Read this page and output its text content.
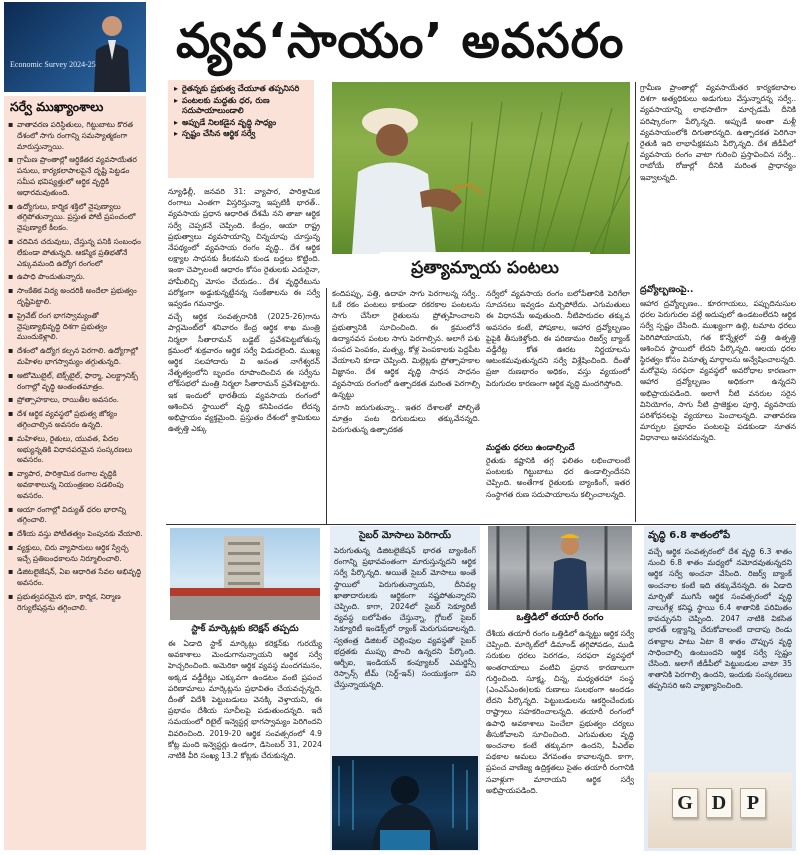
Economic Survey 2024-25 వ్యవ‘సాయం’ అవసరం
సర్వే ముఖ్యాంశాలు
▪ వాతావరణ పరిస్థితులు, గిట్టుబాటు కొరత దేశంలో సాగు రంగాన్ని సమస్యాత్మకంగా మారుస్తున్నాయి.
▪ గ్రామీణ ప్రాంతాల్లో ఆర్థికేతర వ్యవసాయేతర పనులు, కార్యకలాపాలపైనే దృష్టి పెట్టడం సమీప భవిష్యత్తులో ఆర్థిక వృద్ధికి ఆధారమవుతుంది.
▪ ఉద్యోగులు, కార్మిక శక్తిలో నైపుణ్యాలు తగ్గిపోతున్నాయి. ప్రస్తుత పోటీ ప్రపంచంలో నైపుణ్యాలే కీలకం.
▪ చదివిన చదువులు, చేస్తున్న పనికి సంబంధం లేకుండా పోతున్నది. ఆకస్మిక ప్రతిభతోనే ఎక్కువమంది ఉద్యోగ రంగంలో
▪ ఉపాధి పొందుతున్నారు.
▪ సాంకేతిక విద్య అందరికీ అందేలా ప్రభుత్వం దృష్టిపెట్టాలి.
▪ ప్రైవేట్ రంగ భాగస్వామ్యంతో నైపుణ్యాభివృద్ధి దిశగా ప్రభుత్వం ముందుకెళ్లాలి.
▪ దేశంలో ఉద్యోగ కల్పన పెరగాలి. ఉద్యోగాల్లో మహిళల భాగస్వామ్యం తగ్గుతున్నది.
▪ ఆటోమొబైల్, టెక్స్‌టైల్, ఫార్మా, ఎలక్ట్రానిక్స్ రంగాల్లో వృద్ధి అంతంతమాత్రం.
▪ ప్రోత్సాహకాలు, రాయితీల అవసరం.
▪ దేశ ఆర్థిక వ్యవస్థలో ప్రభుత్వ జోక్యం తగ్గించాల్సిన అవసరం ఉన్నది.
▪ మహిళలు, రైతులు, యువత, పేదల అభ్యున్నతికి విధానపరమైన సంస్కరణలు అవసరం.
▪ వ్యాపార, పారిశ్రామిక రంగాల వృద్ధికి అవకాశాలున్న నియంత్రణల సడలింపు అవసరం.
▪ ఆయా రంగాల్లో విద్యుత్ ధరల భారాన్ని తగ్గించాలి.
▪ దేశీయ వస్తు పోటీతత్వం పెంపునకు వేయాలి.
▪ వ్యక్తులు, చిరు వ్యాపారులు ఆర్థిక స్వేచ్ఛ ఇచ్చే ప్రతిబంధకాలను నిర్మూలించాలి.
▪ డిజిటలైజేషన్, ఏఐ ఆధారిత సేవల అభివృద్ధి అవసరం.
▪ ప్రభుత్వపరమైన భూ, కార్మిక, నిర్మాణ రెగ్యులేషన్లను తగ్గించాలి.
▸ రైతన్నకు ప్రభుత్వ చేయూత తప్పనిసరి
▸ పంటలకు మద్దతు ధర, రుణ సదుపాయాలుండాలి
▸ అప్పుడే నిలకడైన వృద్ధి సాధ్యం
▸ స్పష్టం చేసిన ఆర్థిక సర్వే
ప్రత్యామ్నాయ పంటలు

న్యూఢిల్లీ, జనవరి 31: వ్యాపార, పారిశ్రామిక రంగాలు ఎంతగా విస్తరిస్తున్నా ఇప్పటికీ భారత్.. వ్యవసాయ ప్రధాన ఆధారిత దేశమే నని తాజా ఆర్థిక సర్వే చెప్పకనే చెప్పింది. కేంద్రం, ఆయా రాష్ట్ర ప్రభుత్వాలు వ్యవసాయాన్ని చిన్నచూపు చూస్తున్న నేపథ్యంలో వ్యవసాయ రంగం వృద్ధి.. దేశ ఆర్థిక లక్ష్యాల సాధనకు కీలకమని కుండ బద్దలు కొట్టింది. ఇంకా చెప్పాలంటే ఆధారం కోసం రైతులకు ఎదురైనా, హామీలిచ్చి మోసం చేయడం.. దేశ వృద్ధిరేటును పరోక్షంగా అడ్డుకున్నట్టేనన్న సంకేతాలను ఈ సర్వే ఇవ్వడం గమనార్హం.

వచ్చే ఆర్థిక సంవత్సరానికి (2025-26)గాను పార్లమెంట్‌లో శనివారం కేంద్ర ఆర్థిక శాఖ మంత్రి నిర్మలా సీతారామన్ బడ్జెట్ ప్రవేశపెట్టబోతున్న క్రమంలో శుక్రవారం ఆర్థిక సర్వే విడుదలైంది. ముఖ్య ఆర్థిక సలహాదారు వి అనంత నాగేశ్వరన్ నేతృత్వంలోని బృందం రూపొందించిన ఈ సర్వేను లోక్‌సభలో మంత్రి నిర్మలా సీతారామన్ ప్రవేశపెట్టారు. ఇక ఇందులో భారతీయ వ్యవసాయ రంగంలో ఆశించిన స్థాయిలో వృద్ధి కనిపించడం లేదన్న అభిప్రాయం వ్యక్తమైంది. ప్రస్తుతం దేశంలో శ్రామికులు ఉత్పత్తి ఎక్కు

కందిపప్పు, పత్తి, ఉదాహ సాగు పెరగాలన్న సర్వే.. ఓకే రకం పంటలు కాకుండా రకరకాల పంటలను సాగు చేసేలా రైతులను ప్రోత్సహించాలని ప్రభుత్వానికి సూచించింది. ఈ క్రమంలోనే ఉద్యానవన పంటల సాగు పెరగాల్సిన. అలాగే పశు సంపద పెంపకం, మత్స్య, కోళ్ల పెంపకాలకు పెద్దపీట వేయాలని కూడా చెప్పింది. మిల్లెట్లకు ప్రోత్సాహకాల విజ్ఞానం. దేశ ఆర్థిక వృద్ధి సాధన సాధనం వ్యవసాయ రంగంలో ఉత్పాదకత మరింత పెరగాల్సి ఉన్నట్టు

వగాని జరుగుతున్నా.. ఇతర దేశాలతో పోల్చితే మాత్రం పంట దిగుబడులు తక్కువేనన్నది. పెరుగుతున్న ఉత్పాదకత

నర్వేలో వ్యవసాయ రంగం బలోపేతానికి పెరిగేలా సూచనలు ఇవ్వడం మర్చిపోలేదు. ఎగుమతులు ఈ విధానమే అవుతుంది. నీటిపారుదల తక్కువ అవసరం కంటే, పోషకాల, ఆహార ద్రవ్యోల్బణం పైపైకి తీసుకెళ్తోంది. ఈ పరిణామం రిజర్వ్ బ్యాంక్ వడ్డీరేట్ల కోత ఊరట నిర్ణయాలను ఆటంకమవుతున్నదని సర్వే విశ్లేషించింది. దీంతో ప్రజా రుణభారం అధికం, వస్తు వ్యయంలో పెరుగుదల కారణంగా ఆర్థిక వృద్ధి మందగిస్తోంది.

మద్దతు ధరలు ఉండాల్సిందే

రైతుకు కష్టానికి తగ్గ ఫలితం లభించాలంటే పంటలకు గిట్టుబాటు ధర ఉండాల్సిందేనని చెప్పింది. అంతేగాక రైతులకు బ్యాంకింగ్, ఇతర సంస్థాగత రుణ సదుపాయాలను కల్పించాలన్నది.

గ్రామీణ ప్రాంతాల్లో వ్యవసాయేతర కార్యకలాపాల దిశగా అత్యధికులు అడుగులు వేస్తున్నారన్న సర్వే.. వ్యవసాయాన్ని లాభసాటిగా మార్చడమే దీనికి పరిష్కారంగా పేర్కొన్నది. అప్పుడే అంతా మళ్లీ వ్యవసాయంలోకి దిగుతారన్నది. ఉత్పాదకత పెరిగినా రైతుకి ఇది లాభాపేక్షకమని పేర్కొన్నది. దేశ జీడీపీలో వ్యవసాయ రంగం వాటా గురించి ప్రస్తావించిన సర్వే.. రాబోయే రోజుల్లో దీనికి మరింత ప్రాధాన్యం ఇవ్వాలన్నది.

ద్రవ్యోల్బణంపై..

ఆహార ద్రవ్యోల్బణం.. కూరగాయలు, పప్పుదినుసుల ధరల పెరుగుదల వల్లే అదుపులో ఉండటంలేదని ఆర్థిక సర్వే స్పష్టం చేసింది. ముఖ్యంగా ఉల్లి, టమాట ధరలు పెరిగిపోయాయని, గత కొన్నేళ్లలో పత్తి ఉత్పత్తి ఆశించిన స్థాయిలో లేదని పేర్కొన్నది. ఆలయ ధరల స్థిరత్వం కోసం వినూత్న మార్గాలను అన్వేషించాలన్నది. మరోవైపు సరఫరా వ్యవస్థలో అవరోధాల కారణంగా ఆహార ద్రవ్యోల్బణం అధికంగా ఉన్నదని అభిప్రాయపడింది. అలాగే నీటి వనరుల సరైన వినియోగం, సాగు నీటి ప్రాజెక్టుల పూర్తి, వ్యవసాయ పరిశోధనలపై వ్యయాలు పెంచాలన్నది. వాతావరణ మార్పుల ప్రభావం పంటలపై పడకుండా నూతన విధానాలు అవసరమన్నది.

స్టాక్ మార్కెట్లకు కరెక్షన్ తప్పదు

ఈ ఏడాది స్టాక్ మార్కెట్లు కరెక్షన్‌కు గురయ్యే అవకాశాలు మెండుగానున్నాయని ఆర్థిక సర్వే హెచ్చరించింది. అమెరికా ఆర్థిక వ్యవస్థ మందగమనం, అక్కడ వడ్డీరేట్లు ఎక్కువగా ఉండటం వంటి ప్రపంచ పరిణామాలు మార్కెట్లను ప్రభావితం చేయవచ్చన్నది. దీంతో విదేశీ పెట్టుబడులు వెనక్కి వెళ్తాయని, ఈ ప్రభావం దేశీయ సూచీలపై పడుతుందన్నది. ఇదే సమయంలో రిటైల్ ఇన్వెస్టర్ల భాగస్వామ్యం పెరిగిందని వివరించింది. 2019-20 ఆర్థిక సంవత్సరంలో 4.9 కోట్ల మంది ఇన్వెస్టర్లు ఉండగా, డిసెంబర్ 31, 2024 నాటికి వీరి సంఖ్య 13.2 కోట్లకు చేరుకున్నది.

సైబర్ మోసాలు పెరిగాయ్

పెరుగుతున్న డిజిటలైజేషన్ భారత బ్యాంకింగ్ రంగాన్ని ప్రభావవంతంగా మారుస్తున్నదని ఆర్థిక సర్వే పేర్కొన్నది. అయితే సైబర్ మోసాలు అంతే స్థాయిలో పెరుగుతున్నాయని, దీనివల్ల ఖాతాదారులకు ఆర్థికంగా నష్టపోతున్నారని చెప్పింది. కాగా, 2024లో సైబర్ సెక్యూరిటీ వ్యవస్థ బలోపేతం చేస్తున్నా, గ్లోబల్ సైబర్ సెక్యూరిటీ ఇండెక్స్‌లో ర్యాంక్ మెరుగుపడాలన్నది. స్వతంత్ర డిజిటల్ చెల్లింపుల వ్యవస్థతో సైబర్ భద్రతకు ముప్పు పొంచి ఉన్నదని పేర్కొంది. ఆర్బీఐ, ఇండియన్ కంప్యూటర్ ఎమర్జెన్సీ రెస్పాన్స్ టీమ్ (సెర్ట్-ఇన్) సంయుక్తంగా పని చేస్తున్నాయన్నది.

ఒత్తిడిలో తయారీ రంగం

దేశీయ తయారీ రంగం ఒత్తిడిలో ఉన్నట్టు ఆర్థిక సర్వే చెప్పింది. మార్కెట్‌లో డిమాండ్ తగ్గిపోవడం, ముడి సరుకుల ధరలు పెరగడం, సరఫరా వ్యవస్థలో అంతరాయాలు వంటివి ప్రధాన కారణాలుగా గుర్తించింది. సూక్ష్మ, చిన్న, మధ్యతరహా సంస్థ (ఎంఎస్ఎంఈ)లకు రుణాలు సులభంగా అందడం లేదని పేర్కొన్నది. పెట్టుబడులను ఆకర్షించేందుకు రాష్ట్రాలు సహకరించాలన్నది. తయారీ రంగంలో ఉపాధి అవకాశాలు పెంచేలా ప్రభుత్వం చర్యలు తీసుకోవాలని సూచించింది. ఎగుమతుల వృద్ధి అంచనాల కంటే తక్కువగా ఉందని, పీఎల్ఐ పథకాల అమలు వేగవంతం కావాలన్నది. కాగా, ప్రపంచ వాణిజ్య ఉద్రిక్తతలు సైతం తయారీ రంగానికి సవాళ్లుగా మారాయని ఆర్థిక సర్వే అభిప్రాయపడింది.

వృద్ధి 6.8 శాతంలోపే

వచ్చే ఆర్థిక సంవత్సరంలో దేశ వృద్ధి 6.3 శాతం నుంచి 6.8 శాతం మధ్యలో నమోదవుతున్నదని ఆర్థిక సర్వే అంచనా వేసింది. రిజర్వ్ బ్యాంక్ అంచనాల కంటే ఇది తక్కువేనన్నది. ఈ ఏడాది మార్చితో ముగిసే ఆర్థిక సంవత్సరంలో వృద్ధి నాలుగేళ్ల కనిష్ఠ స్థాయి 6.4 శాతానికి పరిమితం కావచ్చునని చెప్పింది. 2047 నాటికి వికసిత భారత్ లక్ష్యాన్ని చేరుకోవాలంటే దాదాపు రెండు దశాబ్దాల పాటు ఏటా 8 శాతం చొప్పున వృద్ధి సాధించాల్సి ఉంటుందని ఆర్థిక సర్వే స్పష్టం చేసింది. అలాగే జీడీపీలో పెట్టుబడుల వాటా 35 శాతానికి పెరగాల్సి ఉందని, ఇందుకు సంస్కరణలు తప్పనిసరి అని వ్యాఖ్యానించింది.

G D	P
